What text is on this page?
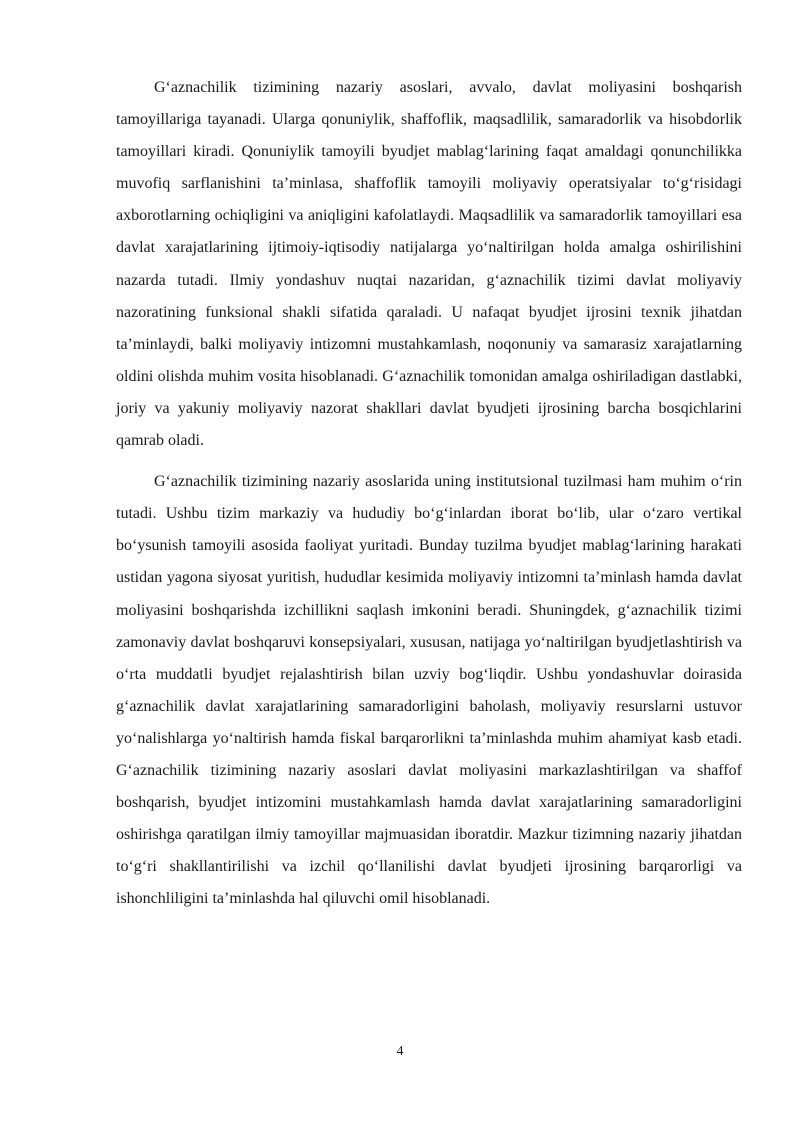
G‘aznachilik tizimining nazariy asoslari, avvalo, davlat moliyasini boshqarish tamoyillariga tayanadi. Ularga qonuniylik, shaffoflik, maqsadlilik, samaradorlik va hisobdorlik tamoyillari kiradi. Qonuniylik tamoyili byudjet mablag‘larining faqat amaldagi qonunchilikka muvofiq sarflanishini ta’minlasa, shaffoflik tamoyili moliyaviy operatsiyalar to‘g‘risidagi axborotlarning ochiqligini va aniqligini kafolatlaydi. Maqsadlilik va samaradorlik tamoyillari esa davlat xarajatlarining ijtimoiy-iqtisodiy natijalarga yo‘naltirilgan holda amalga oshirilishini nazarda tutadi. Ilmiy yondashuv nuqtai nazaridan, g‘aznachilik tizimi davlat moliyaviy nazoratining funksional shakli sifatida qaraladi. U nafaqat byudjet ijrosini texnik jihatdan ta’minlaydi, balki moliyaviy intizomni mustahkamlash, noqonuniy va samarasiz xarajatlarning oldini olishda muhim vosita hisoblanadi. G‘aznachilik tomonidan amalga oshiriladigan dastlabki, joriy va yakuniy moliyaviy nazorat shakllari davlat byudjeti ijrosining barcha bosqichlarini qamrab oladi.

G‘aznachilik tizimining nazariy asoslarida uning institutsional tuzilmasi ham muhim o‘rin tutadi. Ushbu tizim markaziy va hududiy bo‘g‘inlardan iborat bo‘lib, ular o‘zaro vertikal bo‘ysunish tamoyili asosida faoliyat yuritadi. Bunday tuzilma byudjet mablag‘larining harakati ustidan yagona siyosat yuritish, hududlar kesimida moliyaviy intizomni ta’minlash hamda davlat moliyasini boshqarishda izchillikni saqlash imkonini beradi. Shuningdek, g‘aznachilik tizimi zamonaviy davlat boshqaruvi konsepsiyalari, xususan, natijaga yo‘naltirilgan byudjetlashtirish va o‘rta muddatli byudjet rejalashtirish bilan uzviy bog‘liqdir. Ushbu yondashuvlar doirasida g‘aznachilik davlat xarajatlarining samaradorligini baholash, moliyaviy resurslarni ustuvor yo‘nalishlarga yo‘naltirish hamda fiskal barqarorlikni ta’minlashda muhim ahamiyat kasb etadi. G‘aznachilik tizimining nazariy asoslari davlat moliyasini markazlashtirilgan va shaffof boshqarish, byudjet intizomini mustahkamlash hamda davlat xarajatlarining samaradorligini oshirishga qaratilgan ilmiy tamoyillar majmuasidan iboratdir. Mazkur tizimning nazariy jihatdan to‘g‘ri shakllantirilishi va izchil qo‘llanilishi davlat byudjeti ijrosining barqarorligi va ishonchliligini ta’minlashda hal qiluvchi omil hisoblanadi.

4
